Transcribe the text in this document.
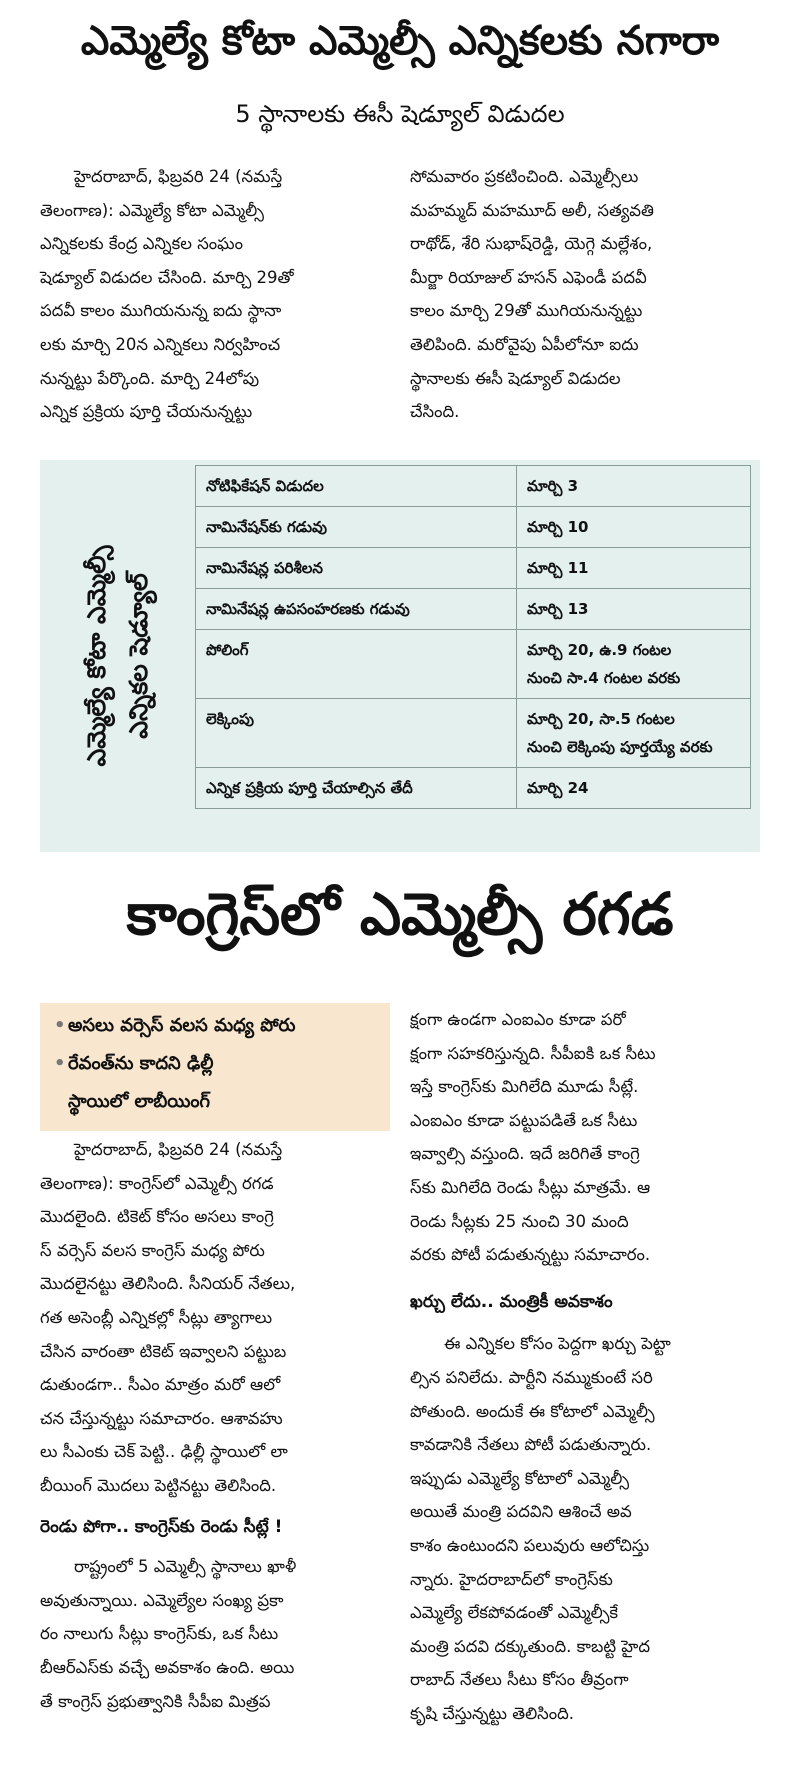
ఎమ్మెల్యే కోటా ఎమ్మెల్సీ ఎన్నికలకు నగారా
5 స్థానాలకు ఈసీ షెడ్యూల్ విడుదల

హైదరాబాద్, ఫిబ్రవరి 24 (నమస్తే

తెలంగాణ): ఎమ్మెల్యే కోటా ఎమ్మెల్సీ

ఎన్నికలకు కేంద్ర ఎన్నికల సంఘం

షెడ్యూల్ విడుదల చేసింది. మార్చి 29తో

పదవీ కాలం ముగియనున్న ఐదు స్థానా

లకు మార్చి 20న ఎన్నికలు నిర్వహించ

నున్నట్టు పేర్కొంది. మార్చి 24లోపు

ఎన్నిక ప్రక్రియ పూర్తి చేయనున్నట్టు

సోమవారం ప్రకటించింది. ఎమ్మెల్సీలు

మహమ్మద్ మహమూద్ అలీ, సత్యవతి

రాథోడ్, శేరి సుభాష్‌రెడ్డి, యెగ్గె మల్లేశం,

మీర్జా రియాజుల్ హసన్ ఎఫెండీ పదవీ

కాలం మార్చి 29తో ముగియనున్నట్టు

తెలిపింది. మరోవైపు ఏపీలోనూ ఐదు

స్థానాలకు ఈసీ షెడ్యూల్ విడుదల

చేసింది.

ఎమ్మెల్యే కోటా ఎమ్మెల్సీ ఎన్నికల షెడ్యూల్
నోటిఫికేషన్ విడుదల	మార్చి 3
నామినేషన్‌కు గడువు	మార్చి 10
నామినేషన్ల పరిశీలన	మార్చి 11
నామినేషన్ల ఉపసంహరణకు గడువు	మార్చి 13
పోలింగ్	మార్చి 20, ఉ.9 గంటల
నుంచి సా.4 గంటల వరకు

లెక్కింపు	మార్చి 20, సా.5 గంటల
నుంచి లెక్కింపు పూర్తయ్యే వరకు

ఎన్నిక ప్రక్రియ పూర్తి చేయాల్సిన తేదీ	మార్చి 24
కాంగ్రెస్‌లో ఎమ్మెల్సీ రగడ
• అసలు వర్సెస్ వలస మధ్య పోరు
• రేవంత్‌ను కాదని ఢిల్లీ
స్థాయిలో లాబీయింగ్

హైదరాబాద్, ఫిబ్రవరి 24 (నమస్తే

తెలంగాణ): కాంగ్రెస్‌లో ఎమ్మెల్సీ రగడ

మొదలైంది. టికెట్ కోసం అసలు కాంగ్రె

స్ వర్సెస్ వలస కాంగ్రెస్ మధ్య పోరు

మొదలైనట్టు తెలిసింది. సీనియర్ నేతలు,

గత అసెంబ్లీ ఎన్నికల్లో సీట్లు త్యాగాలు

చేసిన వారంతా టికెట్ ఇవ్వాలని పట్టుబ

డుతుండగా.. సీఎం మాత్రం మరో ఆలో

చన చేస్తున్నట్టు సమాచారం. ఆశావహు

లు సీఎంకు చెక్ పెట్టి.. ఢిల్లీ స్థాయిలో లా

బీయింగ్ మొదలు పెట్టినట్టు తెలిసింది.

రెండు పోగా.. కాంగ్రెస్‌కు రెండు సీట్లే !

రాష్ట్రంలో 5 ఎమ్మెల్సీ స్థానాలు ఖాళీ

అవుతున్నాయి. ఎమ్మెల్యేల సంఖ్య ప్రకా

రం నాలుగు సీట్లు కాంగ్రెస్‌కు, ఒక సీటు

బీఆర్‌ఎస్‌కు వచ్చే అవకాశం ఉంది. అయి

తే కాంగ్రెస్ ప్రభుత్వానికి సీపీఐ మిత్రప

క్షంగా ఉండగా ఎంఐఎం కూడా పరో

క్షంగా సహకరిస్తున్నది. సీపీఐకి ఒక సీటు

ఇస్తే కాంగ్రెస్‌కు మిగిలేది మూడు సీట్లే.

ఎంఐఎం కూడా పట్టుపడితే ఒక సీటు

ఇవ్వాల్సి వస్తుంది. ఇదే జరిగితే కాంగ్రె

స్‌కు మిగిలేది రెండు సీట్లు మాత్రమే. ఆ

రెండు సీట్లకు 25 నుంచి 30 మంది

వరకు పోటీ పడుతున్నట్టు సమాచారం.

ఖర్చు లేదు.. మంత్రికీ అవకాశం

ఈ ఎన్నికల కోసం పెద్దగా ఖర్చు పెట్టా

ల్సిన పనిలేదు. పార్టీని నమ్ముకుంటే సరి

పోతుంది. అందుకే ఈ కోటాలో ఎమ్మెల్సీ

కావడానికి నేతలు పోటీ పడుతున్నారు.

ఇప్పుడు ఎమ్మెల్యే కోటాలో ఎమ్మెల్సీ

అయితే మంత్రి పదవిని ఆశించే అవ

కాశం ఉంటుందని పలువురు ఆలోచిస్తు

న్నారు. హైదరాబాద్‌లో కాంగ్రెస్‌కు

ఎమ్మెల్యే లేకపోవడంతో ఎమ్మెల్సీకే

మంత్రి పదవి దక్కుతుంది. కాబట్టి హైద

రాబాద్ నేతలు సీటు కోసం తీవ్రంగా

కృషి చేస్తున్నట్టు తెలిసింది.
